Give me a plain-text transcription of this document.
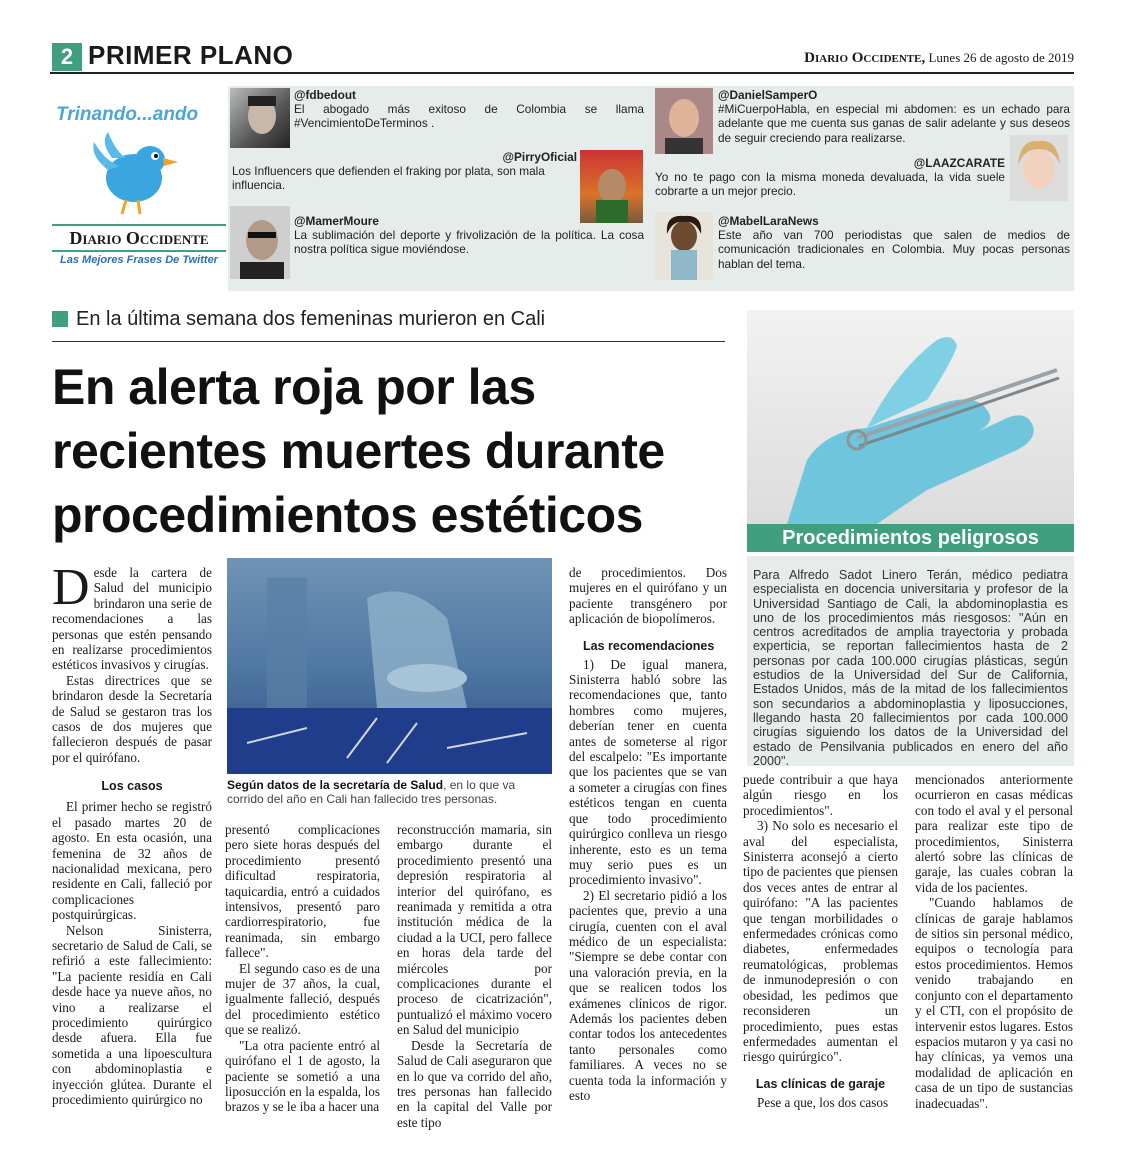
2 PRIMER PLANO	Diario Occidente, Lunes 26 de agosto de 2019
Trinando...ando
Diario Occidente
Las Mejores Frases De Twitter
@fdbedout
El abogado más exitoso de Colombia se llama #VencimientoDeTerminos .
@PirryOficial
Los Influencers que defienden el fraking por plata, son mala influencia.
@MamerMoure
La sublimación del deporte y frivolización de la política. La cosa nostra política sigue moviéndose.
@DanielSamperO
#MiCuerpoHabla, en especial mi abdomen: es un echado para adelante que me cuenta sus ganas de salir adelante y sus deseos de seguir creciendo para realizarse.
@LAAZCARATE
Yo no te pago con la misma moneda devaluada, la vida suele cobrarte a un mejor precio.
@MabelLaraNews
Este año van 700 periodistas que salen de medios de comunicación tradicionales en Colombia. Muy pocas personas hablan del tema.
En la última semana dos femeninas murieron en Cali
En alerta roja por las recientes muertes durante procedimientos estéticos	Procedimientos peligrosos
Para Alfredo Sadot Linero Terán, médico pediatra especialista en docencia universitaria y profesor de la Universidad Santiago de Cali, la abdominoplastia es uno de los procedimientos más riesgosos: "Aún en centros acreditados de amplia trayectoria y probada experticia, se reportan fallecimientos hasta de 2 personas por cada 100.000 cirugías plásticas, según estudios de la Universidad del Sur de California, Estados Unidos, más de la mitad de los fallecimientos son secundarios a abdominoplastia y liposucciones, llegando hasta 20 fallecimientos por cada 100.000 cirugías siguiendo los datos de la Universidad del estado de Pensilvania publicados en enero del año 2000".
Según datos de la secretaría de Salud, en lo que va corrido del año en Cali han fallecido tres personas.

Desde la cartera de Salud del municipio brindaron una serie de recomendaciones a las personas que estén pensando en realizarse procedimientos estéticos invasivos y cirugías.

Estas directrices que se brindaron desde la Secretaría de Salud se gestaron tras los casos de dos mujeres que fallecieron después de pasar por el quirófano.

Los casos

El primer hecho se registró el pasado martes 20 de agosto. En esta ocasión, una femenina de 32 años de nacionalidad mexicana, pero residente en Cali, falleció por complicaciones postquirúrgicas.

Nelson Sinisterra, secretario de Salud de Cali, se refirió a este fallecimiento: "La paciente residía en Cali desde hace ya nueve años, no vino a realizarse el procedimiento quirúrgico desde afuera. Ella fue sometida a una lipoescultura con abdominoplastia e inyección glútea. Durante el procedimiento quirúrgico no

presentó complicaciones pero siete horas después del procedimiento presentó dificultad respiratoria, taquicardia, entró a cuidados intensivos, presentó paro cardiorrespiratorio, fue reanimada, sin embargo fallece".

El segundo caso es de una mujer de 37 años, la cual, igualmente falleció, después del procedimiento estético que se realizó.

"La otra paciente entró al quirófano el 1 de agosto, la paciente se sometió a una liposucción en la espalda, los brazos y se le iba a hacer una

reconstrucción mamaria, sin embargo durante el procedimiento presentó una depresión respiratoria al interior del quirófano, es reanimada y remitida a otra institución médica de la ciudad a la UCI, pero fallece en horas dela tarde del miércoles por complicaciones durante el proceso de cicatrización", puntualizó el máximo vocero en Salud del municipio

Desde la Secretaría de Salud de Cali aseguraron que en lo que va corrido del año, tres personas han fallecido en la capital del Valle por este tipo

de procedimientos. Dos mujeres en el quirófano y un paciente transgénero por aplicación de biopolímeros.

Las recomendaciones

1) De igual manera, Sinisterra habló sobre las recomendaciones que, tanto hombres como mujeres, deberían tener en cuenta antes de someterse al rigor del escalpelo: "Es importante que los pacientes que se van a someter a cirugías con fines estéticos tengan en cuenta que todo procedimiento quirúrgico conlleva un riesgo inherente, esto es un tema muy serio pues es un procedimiento invasivo".

2) El secretario pidió a los pacientes que, previo a una cirugía, cuenten con el aval médico de un especialista: "Siempre se debe contar con una valoración previa, en la que se realicen todos los exámenes clínicos de rigor. Además los pacientes deben contar todos los antecedentes tanto personales como familiares. A veces no se cuenta toda la información y esto

puede contribuir a que haya algún riesgo en los procedimientos".

3) No solo es necesario el aval del especialista, Sinisterra aconsejó a cierto tipo de pacientes que piensen dos veces antes de entrar al quirófano: "A las pacientes que tengan morbilidades o enfermedades crónicas como diabetes, enfermedades reumatológicas, problemas de inmunodepresión o con obesidad, les pedimos que reconsideren un procedimiento, pues estas enfermedades aumentan el riesgo quirúrgico".

Las clínicas de garaje

Pese a que, los dos casos

mencionados anteriormente ocurrieron en casas médicas con todo el aval y el personal para realizar este tipo de procedimientos, Sinisterra alertó sobre las clínicas de garaje, las cuales cobran la vida de los pacientes.

"Cuando hablamos de clínicas de garaje hablamos de sitios sin personal médico, equipos o tecnología para estos procedimientos. Hemos venido trabajando en conjunto con el departamento y el CTI, con el propósito de intervenir estos lugares. Estos espacios mutaron y ya casi no hay clínicas, ya vemos una modalidad de aplicación en casa de un tipo de sustancias inadecuadas".
